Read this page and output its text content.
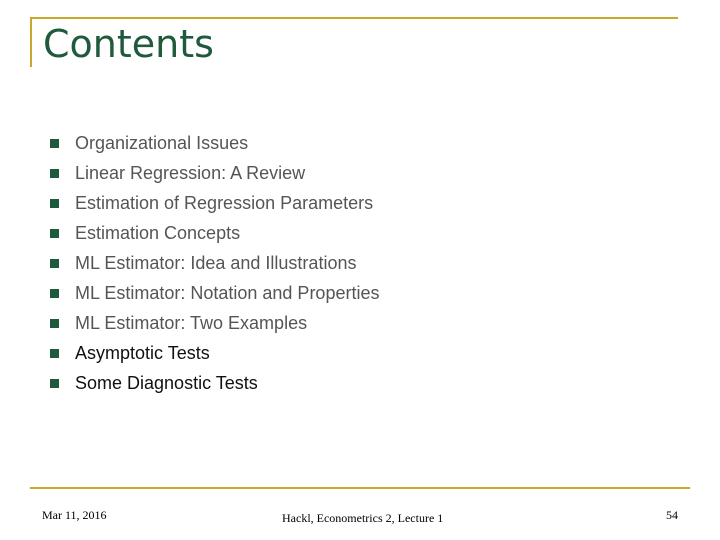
Contents
Organizational Issues
Linear Regression: A Review
Estimation of Regression Parameters
Estimation Concepts
ML Estimator: Idea and Illustrations
ML Estimator: Notation and Properties
ML Estimator: Two Examples
Asymptotic Tests
Some Diagnostic Tests
Mar 11, 2016	Hackl, Econometrics 2, Lecture 1	54
